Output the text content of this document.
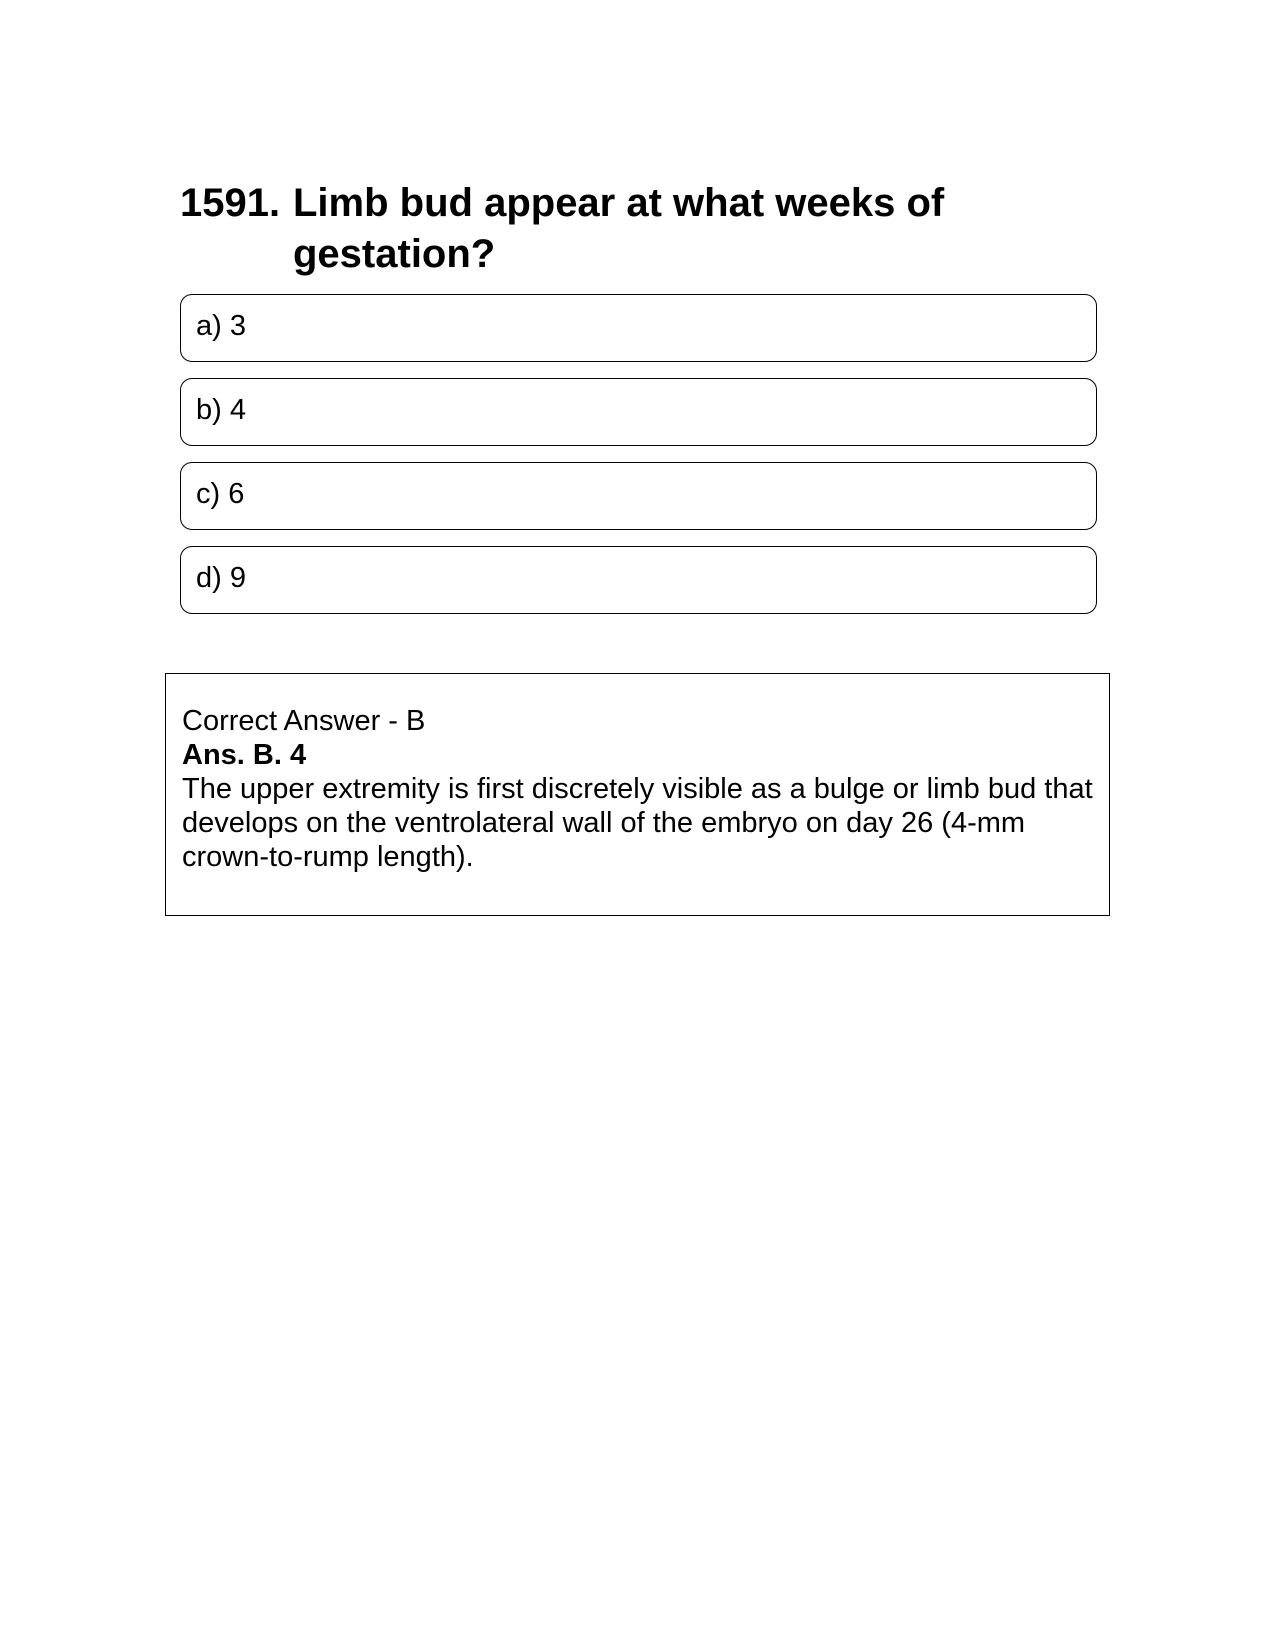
1591. Limb bud appear at what weeks of gestation?
a) 3
b) 4
c) 6
d) 9
Correct Answer - B
Ans. B. 4
The upper extremity is first discretely visible as a bulge or limb bud that develops on the ventrolateral wall of the embryo on day 26 (4-mm crown-to-rump length).
